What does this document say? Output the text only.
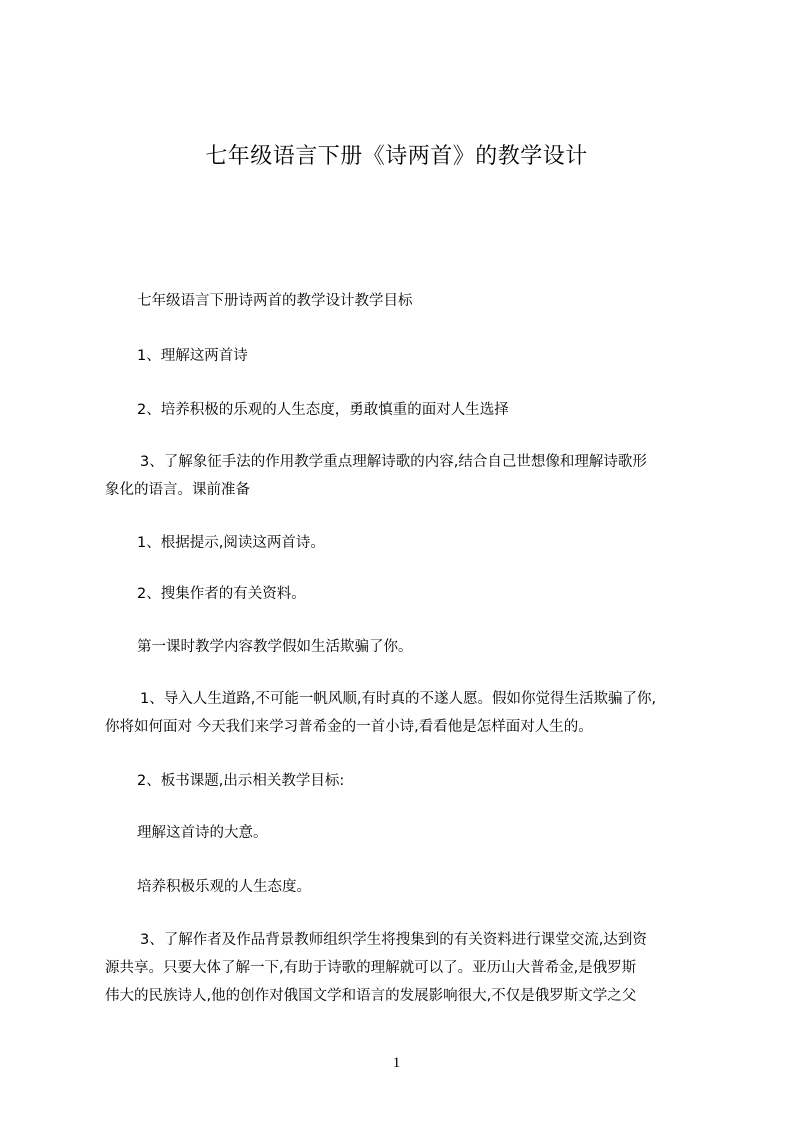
七年级语言下册《诗两首》的教学设计

七年级语言下册诗两首的教学设计教学目标

1、理解这两首诗

2、培养积极的乐观的人生态度，勇敢慎重的面对人生选择

3、了解象征手法的作用教学重点理解诗歌的内容,结合自己世想像和理解诗歌形

象化的语言。课前准备

1、根据提示,阅读这两首诗。

2、搜集作者的有关资料。

第一课时教学内容教学假如生活欺骗了你。

1、导入人生道路,不可能一帆风顺,有时真的不遂人愿。假如你觉得生活欺骗了你,

你将如何面对 今天我们来学习普希金的一首小诗,看看他是怎样面对人生的。

2、板书课题,出示相关教学目标:

理解这首诗的大意。

培养积极乐观的人生态度。

3、了解作者及作品背景教师组织学生将搜集到的有关资料进行课堂交流,达到资

源共享。只要大体了解一下,有助于诗歌的理解就可以了。亚历山大普希金,是俄罗斯

伟大的民族诗人,他的创作对俄国文学和语言的发展影响很大,不仅是俄罗斯文学之父

1
